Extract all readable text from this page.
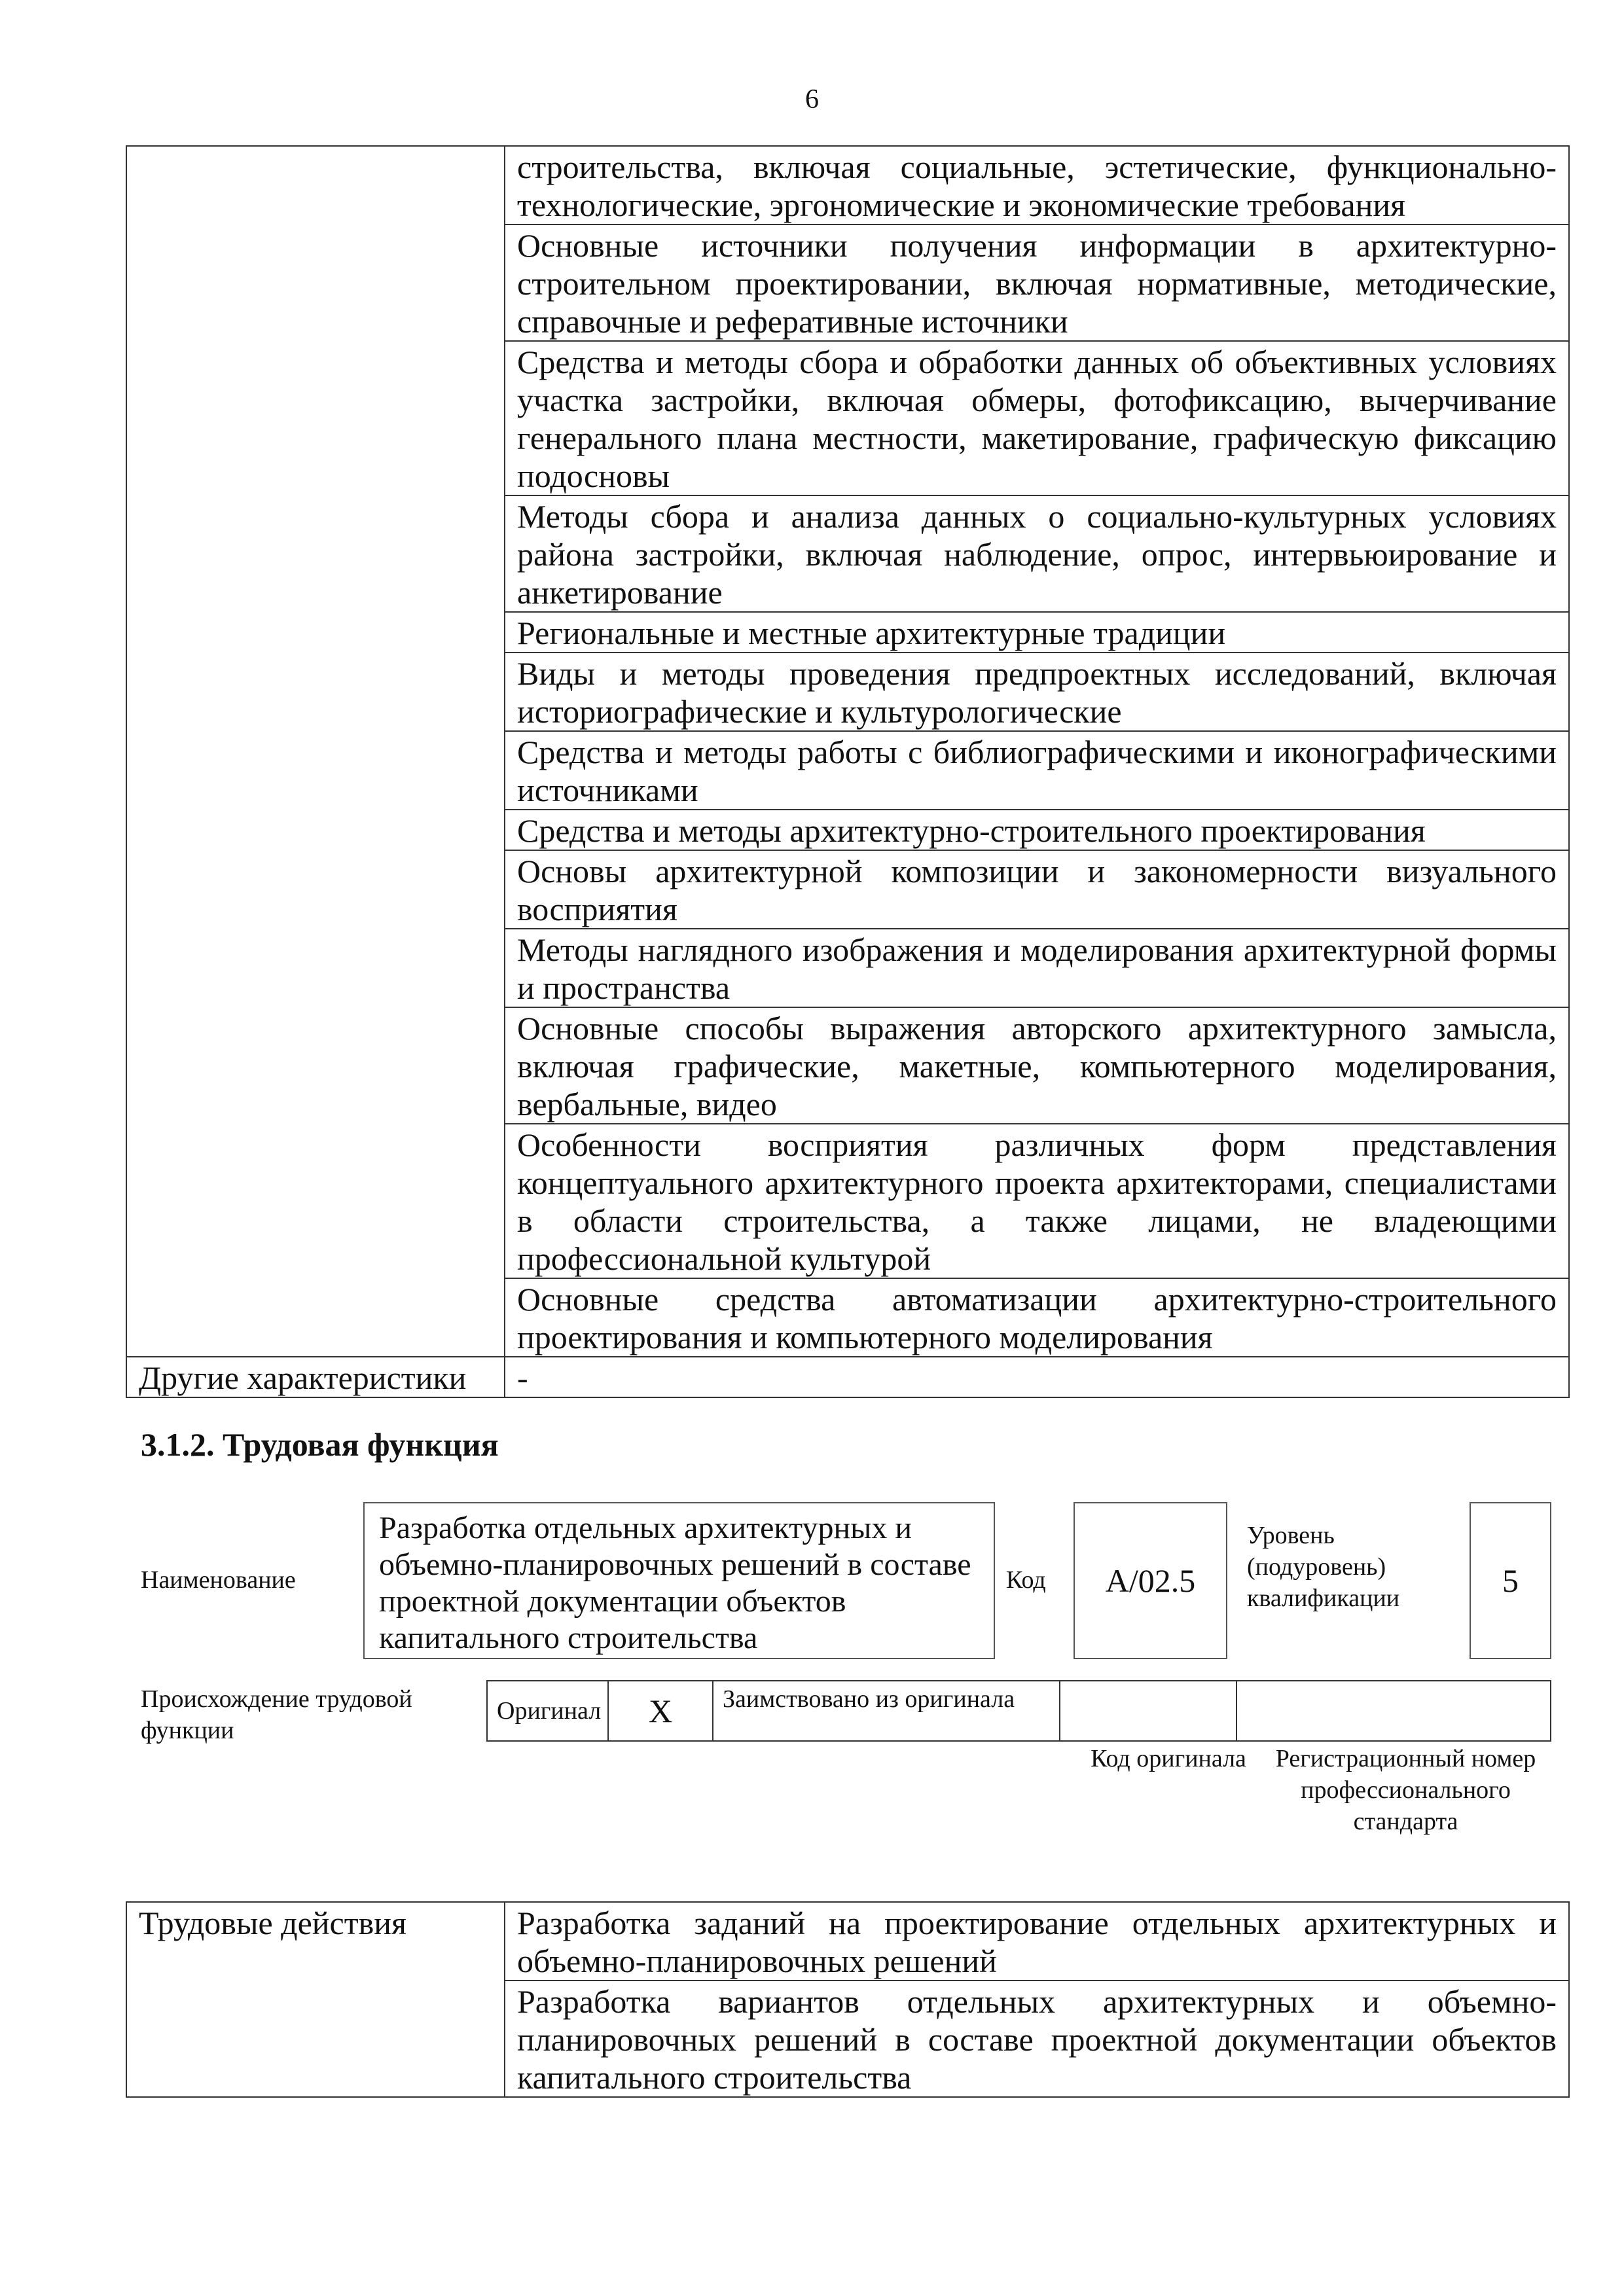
6
	строительства, включая социальные, эстетические, функционально-технологические, эргономические и экономические требования
	Основные источники получения информации в архитектурно-строительном проектировании, включая нормативные, методические, справочные и реферативные источники
	Средства и методы сбора и обработки данных об объективных условиях участка застройки, включая обмеры, фотофиксацию, вычерчивание генерального плана местности, макетирование, графическую фиксацию подосновы
	Методы сбора и анализа данных о социально-культурных условиях района застройки, включая наблюдение, опрос, интервьюирование и анкетирование
	Региональные и местные архитектурные традиции
	Виды и методы проведения предпроектных исследований, включая историографические и культурологические
	Средства и методы работы с библиографическими и иконографическими источниками
	Средства и методы архитектурно-строительного проектирования
	Основы архитектурной композиции и закономерности визуального восприятия
	Методы наглядного изображения и моделирования архитектурной формы и пространства
	Основные способы выражения авторского архитектурного замысла, включая графические, макетные, компьютерного моделирования, вербальные, видео
	Особенности восприятия различных форм представления концептуального архитектурного проекта архитекторами, специалистами в области строительства, а также лицами, не владеющими профессиональной культурой
	Основные средства автоматизации архитектурно-строительного проектирования и компьютерного моделирования
Другие характеристики	-
3.1.2. Трудовая функция
Наименование
Разработка отдельных архитектурных и объемно-планировочных решений в составе проектной документации объектов капитального строительства
Код	А/02.5
Уровень (подуровень) квалификации	5
Происхождение трудовой функции
Оригинал	X	Заимствовано из оригинала		
Код оригинала	Регистрационный номер профессионального стандарта
Трудовые действия	Разработка заданий на проектирование отдельных архитектурных и объемно-планировочных решений
Разработка вариантов отдельных архитектурных и объемно-планировочных решений в составе проектной документации объектов капитального строительства
